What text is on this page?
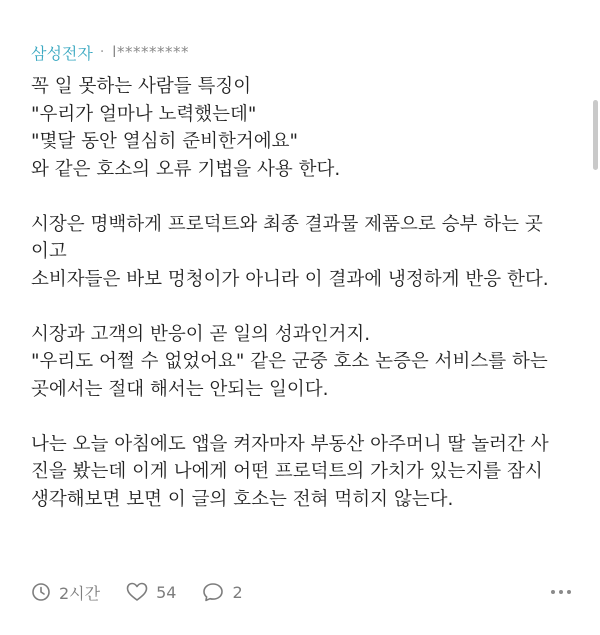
삼성전자 · l*********

꼭 일 못하는 사람들 특징이
"우리가 얼마나 노력했는데"
"몇달 동안 열심히 준비한거에요"
와 같은 호소의 오류 기법을 사용 한다.

시장은 명백하게 프로덕트와 최종 결과물 제품으로 승부 하는 곳
이고
소비자들은 바보 멍청이가 아니라 이 결과에 냉정하게 반응 한다.

시장과 고객의 반응이 곧 일의 성과인거지.
"우리도 어쩔 수 없었어요" 같은 군중 호소 논증은 서비스를 하는
곳에서는 절대 해서는 안되는 일이다.

나는 오늘 아침에도 앱을 켜자마자 부동산 아주머니 딸 놀러간 사
진을 봤는데 이게 나에게 어떤 프로덕트의 가치가 있는지를 잠시
생각해보면 보면 이 글의 호소는 전혀 먹히지 않는다.

2시간	54	2
